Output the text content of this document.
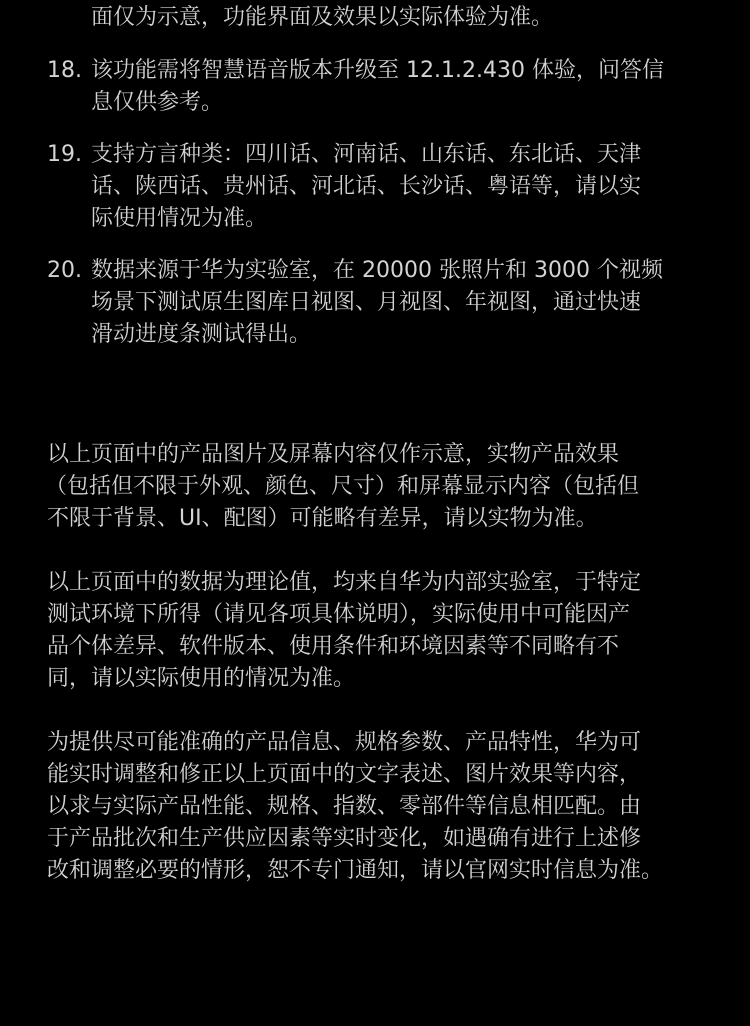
面仅为示意，功能界面及效果以实际体验为准。
18. 该功能需将智慧语音版本升级至 12.1.2.430 体验，问答信
息仅供参考。
19. 支持方言种类：四川话、河南话、山东话、东北话、天津
话、陕西话、贵州话、河北话、长沙话、粤语等，请以实
际使用情况为准。
20. 数据来源于华为实验室，在 20000 张照片和 3000 个视频
场景下测试原生图库日视图、月视图、年视图，通过快速
滑动进度条测试得出。
以上页面中的产品图片及屏幕内容仅作示意，实物产品效果
（包括但不限于外观、颜色、尺寸）和屏幕显示内容（包括但
不限于背景、UI、配图）可能略有差异，请以实物为准。
以上页面中的数据为理论值，均来自华为内部实验室，于特定
测试环境下所得（请见各项具体说明），实际使用中可能因产
品个体差异、软件版本、使用条件和环境因素等不同略有不
同，请以实际使用的情况为准。
为提供尽可能准确的产品信息、规格参数、产品特性，华为可
能实时调整和修正以上页面中的文字表述、图片效果等内容，
以求与实际产品性能、规格、指数、零部件等信息相匹配。由
于产品批次和生产供应因素等实时变化，如遇确有进行上述修
改和调整必要的情形，恕不专门通知，请以官网实时信息为准。
